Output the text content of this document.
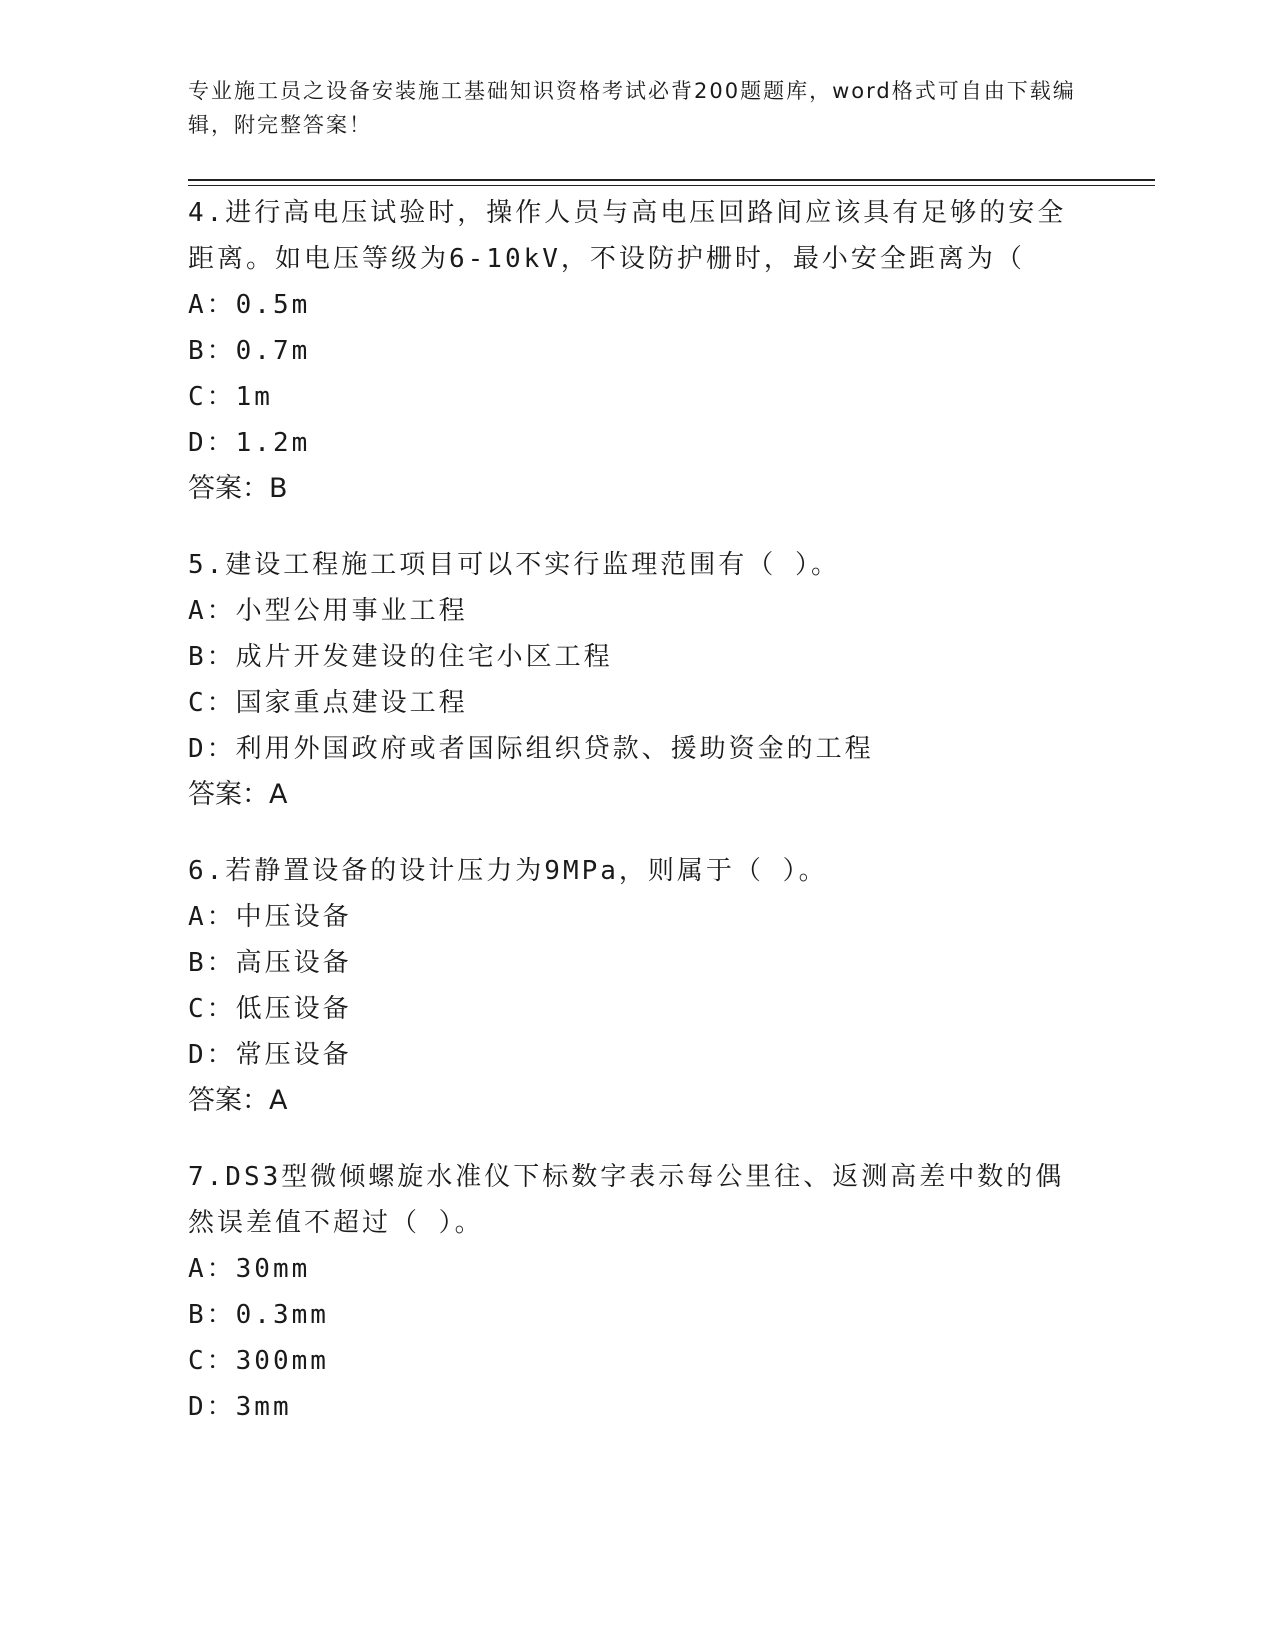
专业施工员之设备安装施工基础知识资格考试必背200题题库，word格式可自由下载编辑，附完整答案！

4.进行高电压试验时，操作人员与高电压回路间应该具有足够的安全距离。如电压等级为6-10kV，不设防护栅时，最小安全距离为（

A：0.5m
B：0.7m
C：1m
D：1.2m
答案：B

5.建设工程施工项目可以不实行监理范围有（ ）。

A：小型公用事业工程
B：成片开发建设的住宅小区工程
C：国家重点建设工程
D：利用外国政府或者国际组织贷款、援助资金的工程
答案：A

6.若静置设备的设计压力为9MPa，则属于（ ）。

A：中压设备
B：高压设备
C：低压设备
D：常压设备
答案：A

7.DS3型微倾螺旋水准仪下标数字表示每公里往、返测高差中数的偶然误差值不超过（ ）。

A：30mm
B：0.3mm
C：300mm
D：3mm
